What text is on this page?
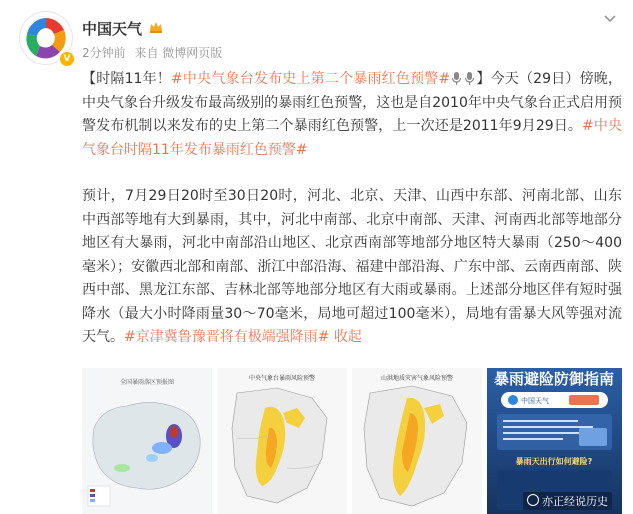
V
中国天气
2分钟前 来自 微博网页版

【时隔11年！#中央气象台发布史上第二个暴雨红色预警# 】今天（29日）傍晚，中央气象台升级发布最高级别的暴雨红色预警，这也是自2010年中央气象台正式启用预警发布机制以来发布的史上第二个暴雨红色预警，上一次还是2011年9月29日。#中央气象台时隔11年发布暴雨红色预警#

预计，7月29日20时至30日20时，河北、北京、天津、山西中东部、河南北部、山东中西部等地有大到暴雨，其中，河北中南部、北京中南部、天津、河南西北部等地部分地区有大暴雨，河北中南部沿山地区、北京西南部等地部分地区特大暴雨（250～400毫米）；安徽西北部和南部、浙江中部沿海、福建中部沿海、广东中部、云南西南部、陕西中部、黑龙江东部、吉林北部等地部分地区有大雨或暴雨。上述部分地区伴有短时强降水（最大小时降雨量30～70毫米，局地可超过100毫米），局地有雷暴大风等强对流天气。#京津冀鲁豫晋将有极端强降雨# 收起

全国暴雨落区预报图
中央气象台暴雨风险预警	山洪地质灾害气象风险预警	暴雨避险防御指南
中国天气
暴雨天出行如何避险?
亦正经说历史
